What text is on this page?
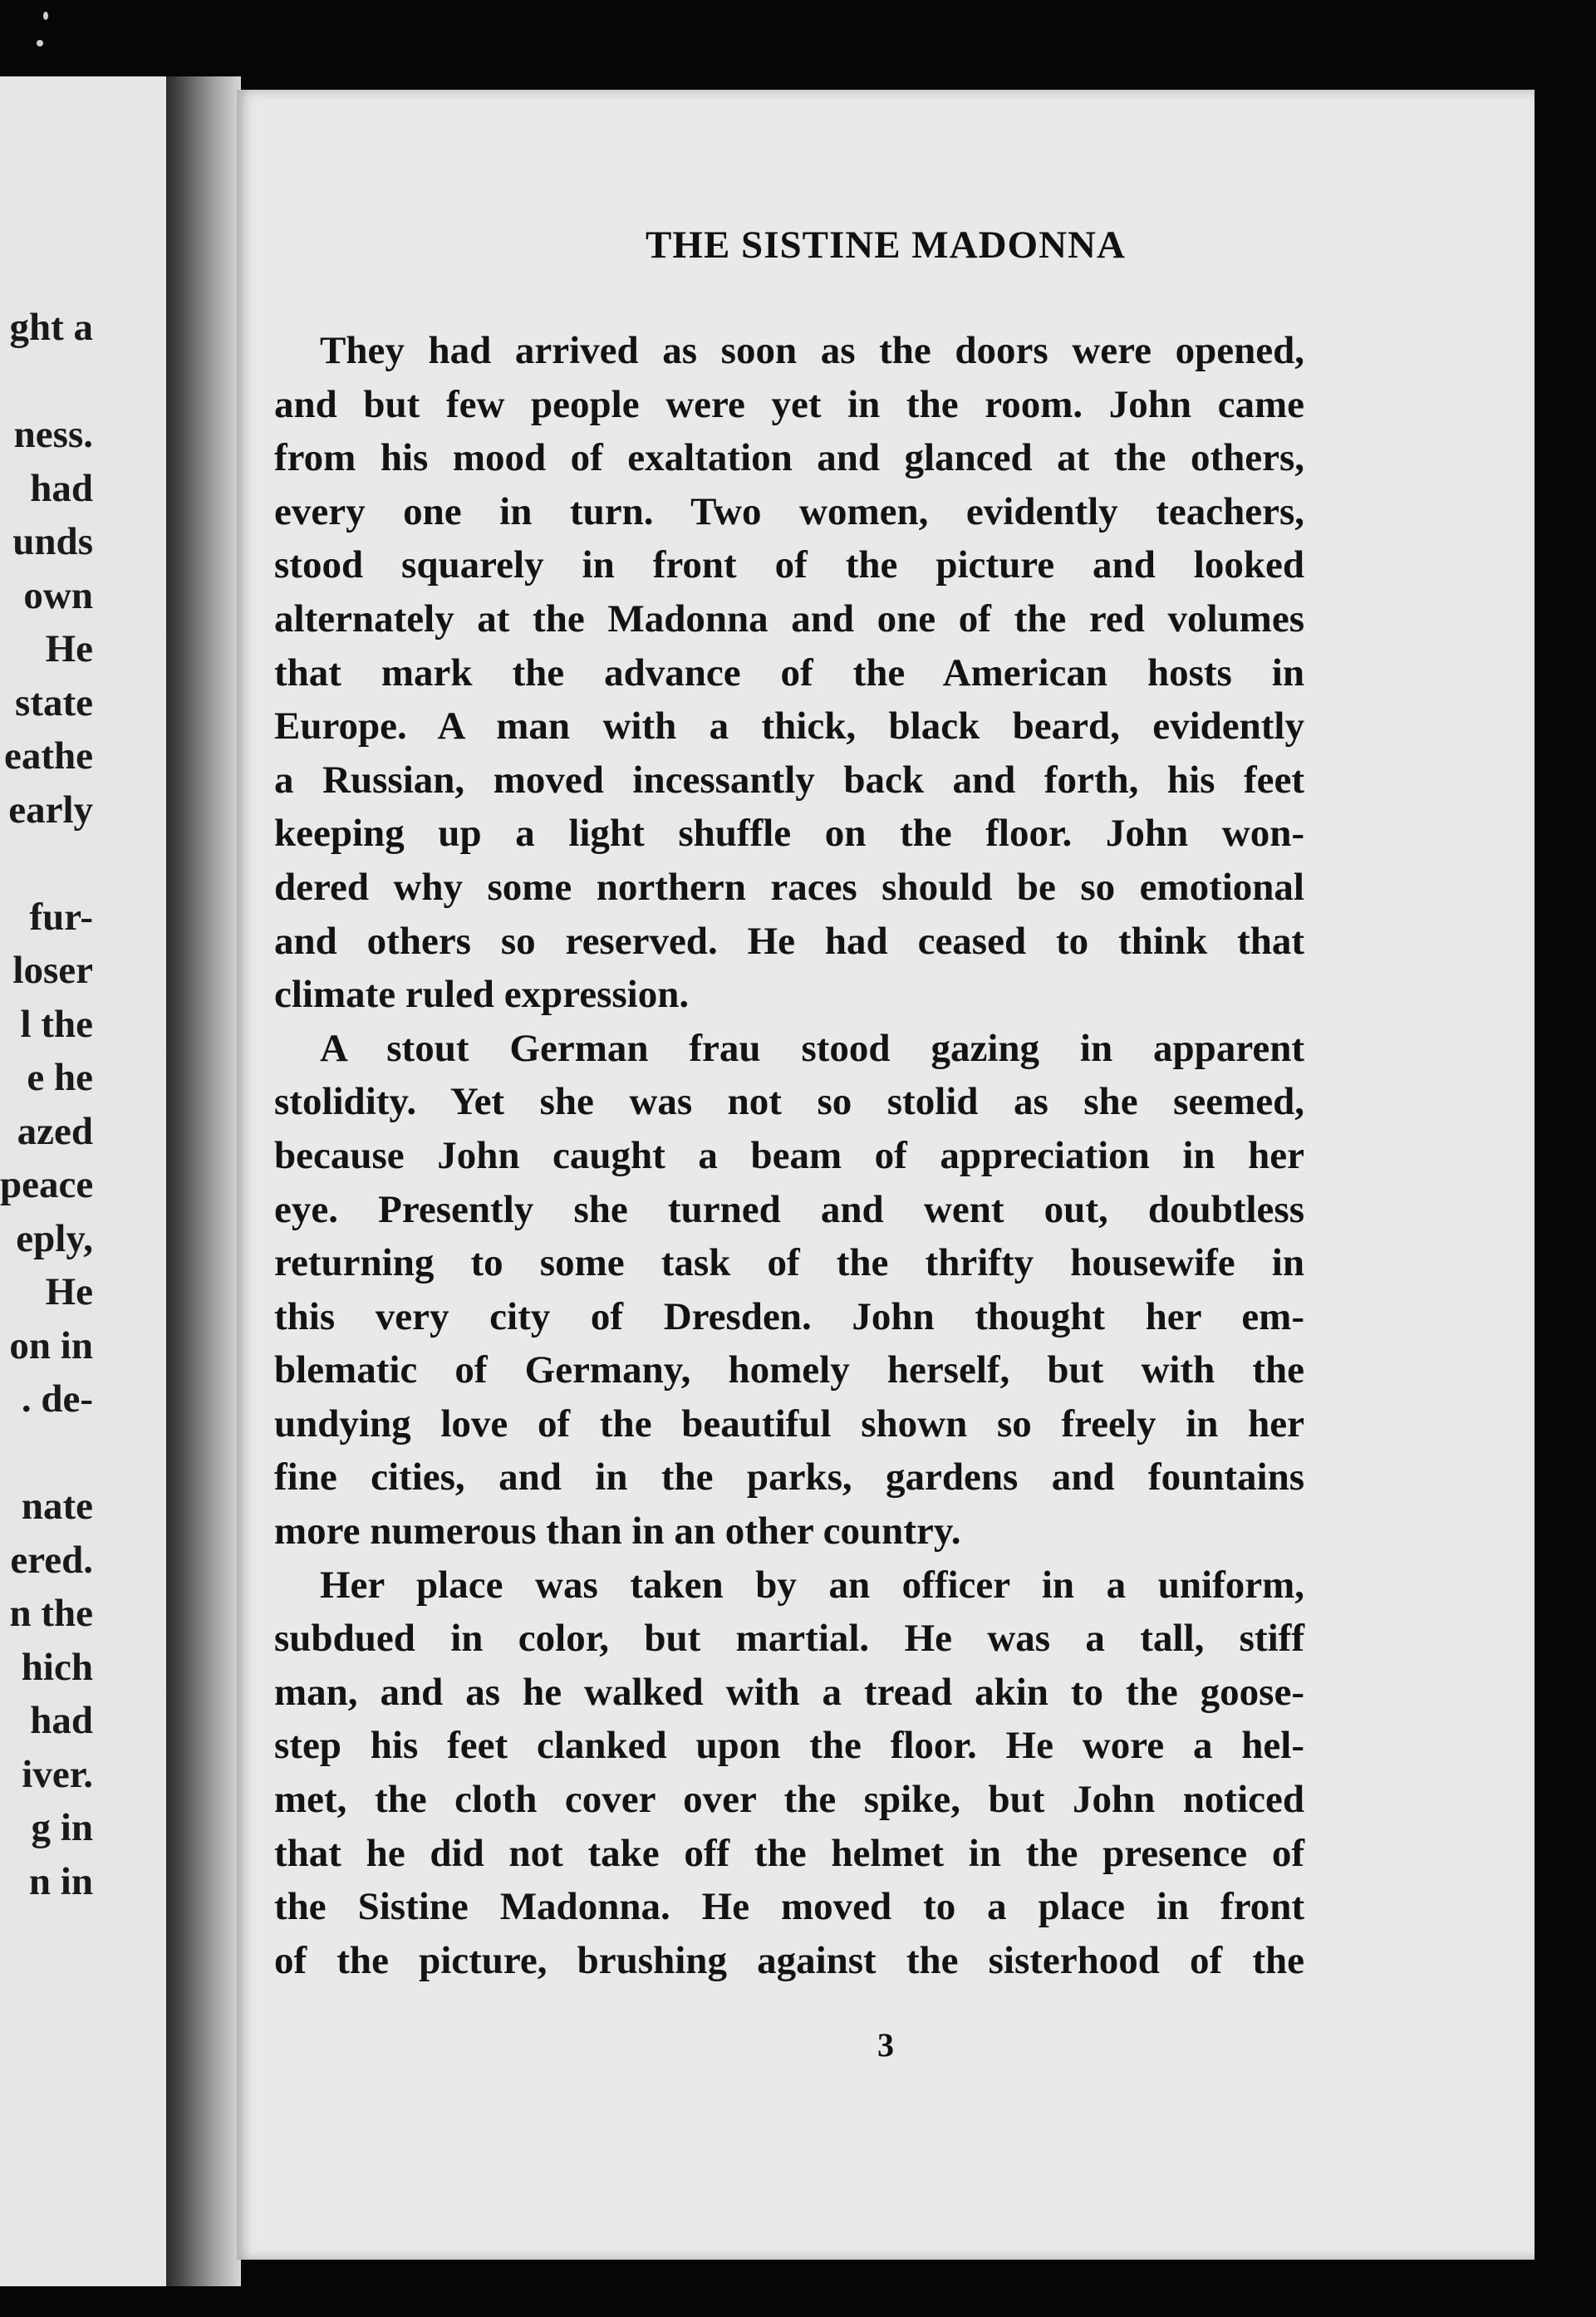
ght a
ness.
had
unds
own
He
state
eathe
early
fur-
loser
l the
e he
azed
peace
eply,
He
on in
. de-
nate
ered.
n the
hich
had
iver.
g in
n in
THE SISTINE MADONNA
They had arrived as soon as the doors were opened,
and but few people were yet in the room. John came
from his mood of exaltation and glanced at the others,
every one in turn. Two women, evidently teachers,
stood squarely in front of the picture and looked
alternately at the Madonna and one of the red volumes
that mark the advance of the American hosts in
Europe. A man with a thick, black beard, evidently
a Russian, moved incessantly back and forth, his feet
keeping up a light shuffle on the floor. John won-
dered why some northern races should be so emotional
and others so reserved. He had ceased to think that
climate ruled expression.
A stout German frau stood gazing in apparent
stolidity. Yet she was not so stolid as she seemed,
because John caught a beam of appreciation in her
eye. Presently she turned and went out, doubtless
returning to some task of the thrifty housewife in
this very city of Dresden. John thought her em-
blematic of Germany, homely herself, but with the
undying love of the beautiful shown so freely in her
fine cities, and in the parks, gardens and fountains
more numerous than in an other country.
Her place was taken by an officer in a uniform,
subdued in color, but martial. He was a tall, stiff
man, and as he walked with a tread akin to the goose-
step his feet clanked upon the floor. He wore a hel-
met, the cloth cover over the spike, but John noticed
that he did not take off the helmet in the presence of
the Sistine Madonna. He moved to a place in front
of the picture, brushing against the sisterhood of the
3
